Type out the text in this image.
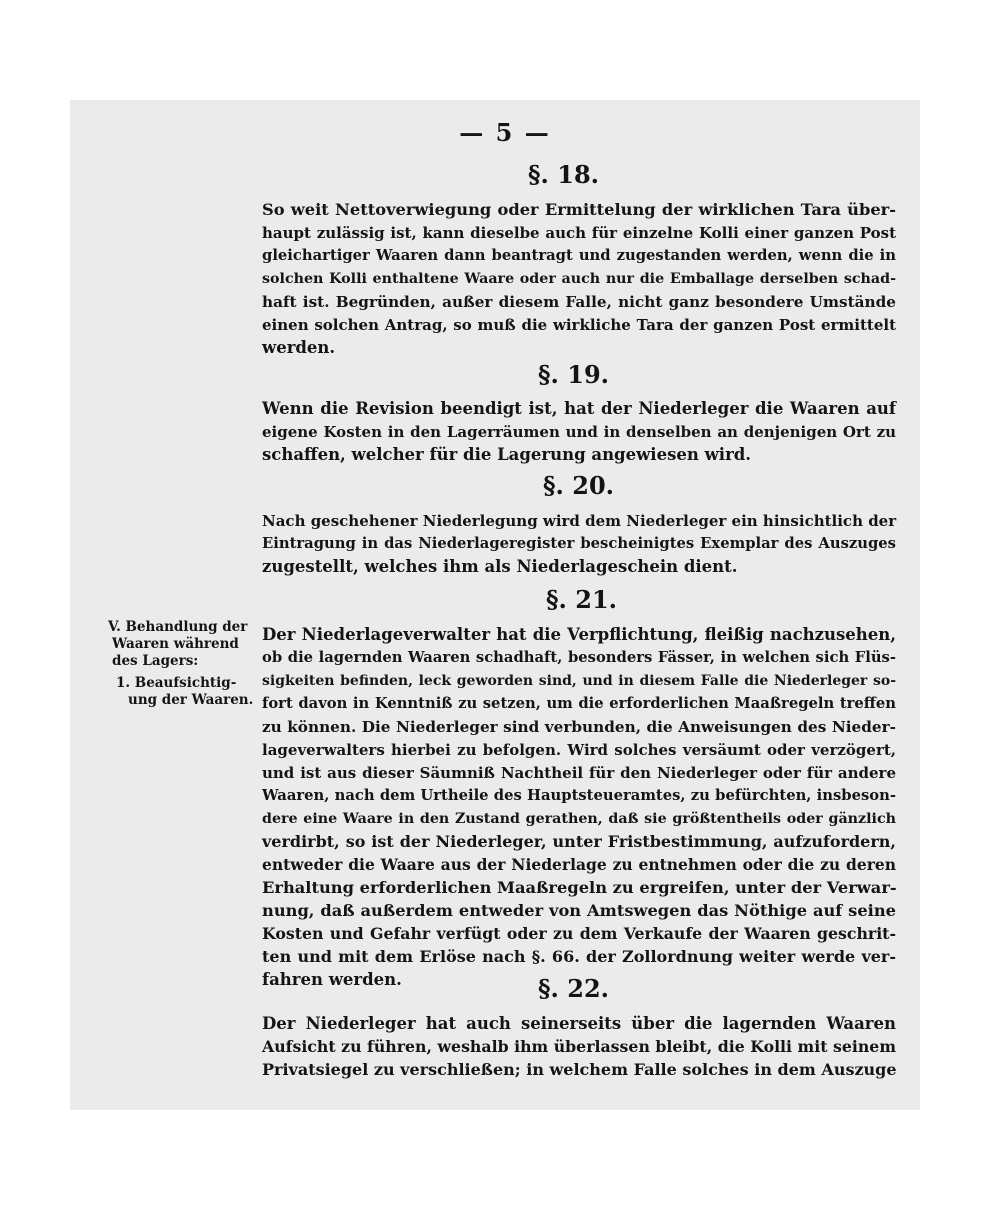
— 5 —
§. 18.
So weit Nettoverwiegung oder Ermittelung der wirklichen Tara über-
haupt zulässig ist, kann dieselbe auch für einzelne Kolli einer ganzen Post
gleichartiger Waaren dann beantragt und zugestanden werden, wenn die in
solchen Kolli enthaltene Waare oder auch nur die Emballage derselben schad-
haft ist. Begründen, außer diesem Falle, nicht ganz besondere Umstände
einen solchen Antrag, so muß die wirkliche Tara der ganzen Post ermittelt
werden.
§. 19.
Wenn die Revision beendigt ist, hat der Niederleger die Waaren auf
eigene Kosten in den Lagerräumen und in denselben an denjenigen Ort zu
schaffen, welcher für die Lagerung angewiesen wird.
§. 20.
Nach geschehener Niederlegung wird dem Niederleger ein hinsichtlich der
Eintragung in das Niederlageregister bescheinigtes Exemplar des Auszuges
zugestellt, welches ihm als Niederlageschein dient.
§. 21.
Der Niederlageverwalter hat die Verpflichtung, fleißig nachzusehen,
ob die lagernden Waaren schadhaft, besonders Fässer, in welchen sich Flüs-
sigkeiten befinden, leck geworden sind, und in diesem Falle die Niederleger so-
fort davon in Kenntniß zu setzen, um die erforderlichen Maaßregeln treffen
zu können. Die Niederleger sind verbunden, die Anweisungen des Nieder-
lageverwalters hierbei zu befolgen. Wird solches versäumt oder verzögert,
und ist aus dieser Säumniß Nachtheil für den Niederleger oder für andere
Waaren, nach dem Urtheile des Hauptsteueramtes, zu befürchten, insbeson-
dere eine Waare in den Zustand gerathen, daß sie größtentheils oder gänzlich
verdirbt, so ist der Niederleger, unter Fristbestimmung, aufzufordern,
entweder die Waare aus der Niederlage zu entnehmen oder die zu deren
Erhaltung erforderlichen Maaßregeln zu ergreifen, unter der Verwar-
nung, daß außerdem entweder von Amtswegen das Nöthige auf seine
Kosten und Gefahr verfügt oder zu dem Verkaufe der Waaren geschrit-
ten und mit dem Erlöse nach §. 66. der Zollordnung weiter werde ver-
fahren werden.	§. 22.
Der Niederleger hat auch seinerseits über die lagernden Waaren
Aufsicht zu führen, weshalb ihm überlassen bleibt, die Kolli mit seinem
Privatsiegel zu verschließen; in welchem Falle solches in dem Auszuge
V. Behandlung der
Waaren während
des Lagers:
1. Beaufsichtig-
ung der Waaren.
